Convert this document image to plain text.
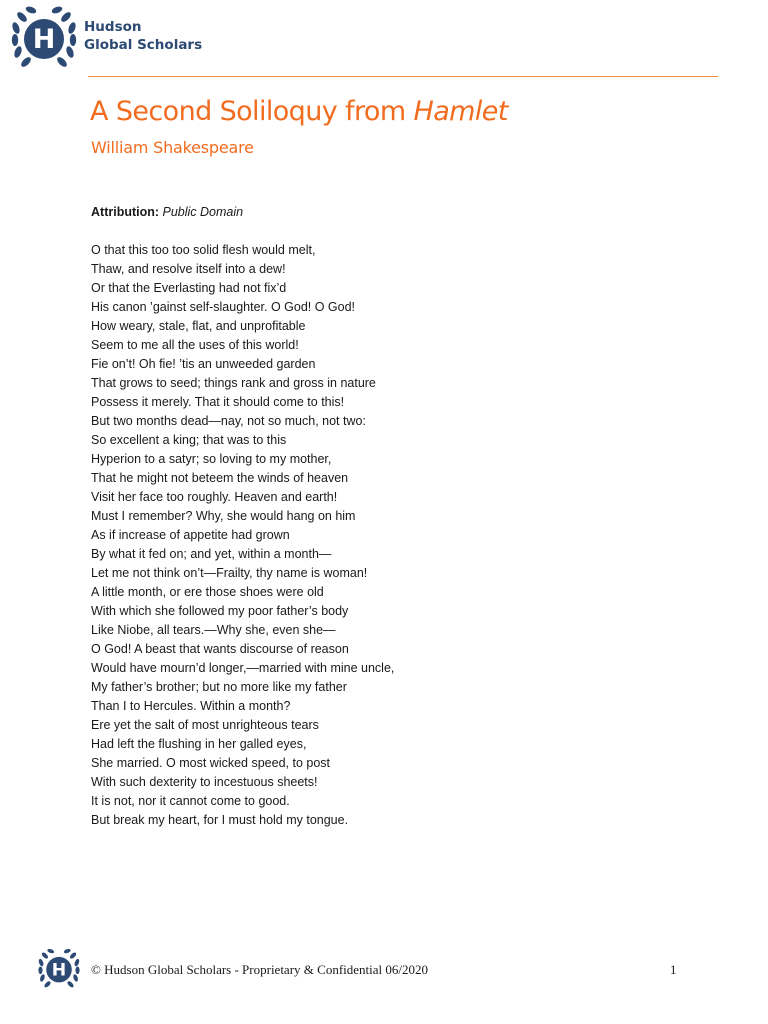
H Hudson
Global Scholars
A Second Soliloquy from Hamlet
William Shakespeare
Attribution: Public Domain
O that this too too solid flesh would melt,
Thaw, and resolve itself into a dew!
Or that the Everlasting had not fix’d
His canon ’gainst self-slaughter. O God! O God!
How weary, stale, flat, and unprofitable
Seem to me all the uses of this world!
Fie on’t! Oh fie! ’tis an unweeded garden
That grows to seed; things rank and gross in nature
Possess it merely. That it should come to this!
But two months dead—nay, not so much, not two:
So excellent a king; that was to this
Hyperion to a satyr; so loving to my mother,
That he might not beteem the winds of heaven
Visit her face too roughly. Heaven and earth!
Must I remember? Why, she would hang on him
As if increase of appetite had grown
By what it fed on; and yet, within a month—
Let me not think on’t—Frailty, thy name is woman!
A little month, or ere those shoes were old
With which she followed my poor father’s body
Like Niobe, all tears.—Why she, even she—
O God! A beast that wants discourse of reason
Would have mourn’d longer,—married with mine uncle,
My father’s brother; but no more like my father
Than I to Hercules. Within a month?
Ere yet the salt of most unrighteous tears
Had left the flushing in her galled eyes,
She married. O most wicked speed, to post
With such dexterity to incestuous sheets!
It is not, nor it cannot come to good.
But break my heart, for I must hold my tongue.
H © Hudson Global Scholars - Proprietary & Confidential 06/2020	1
